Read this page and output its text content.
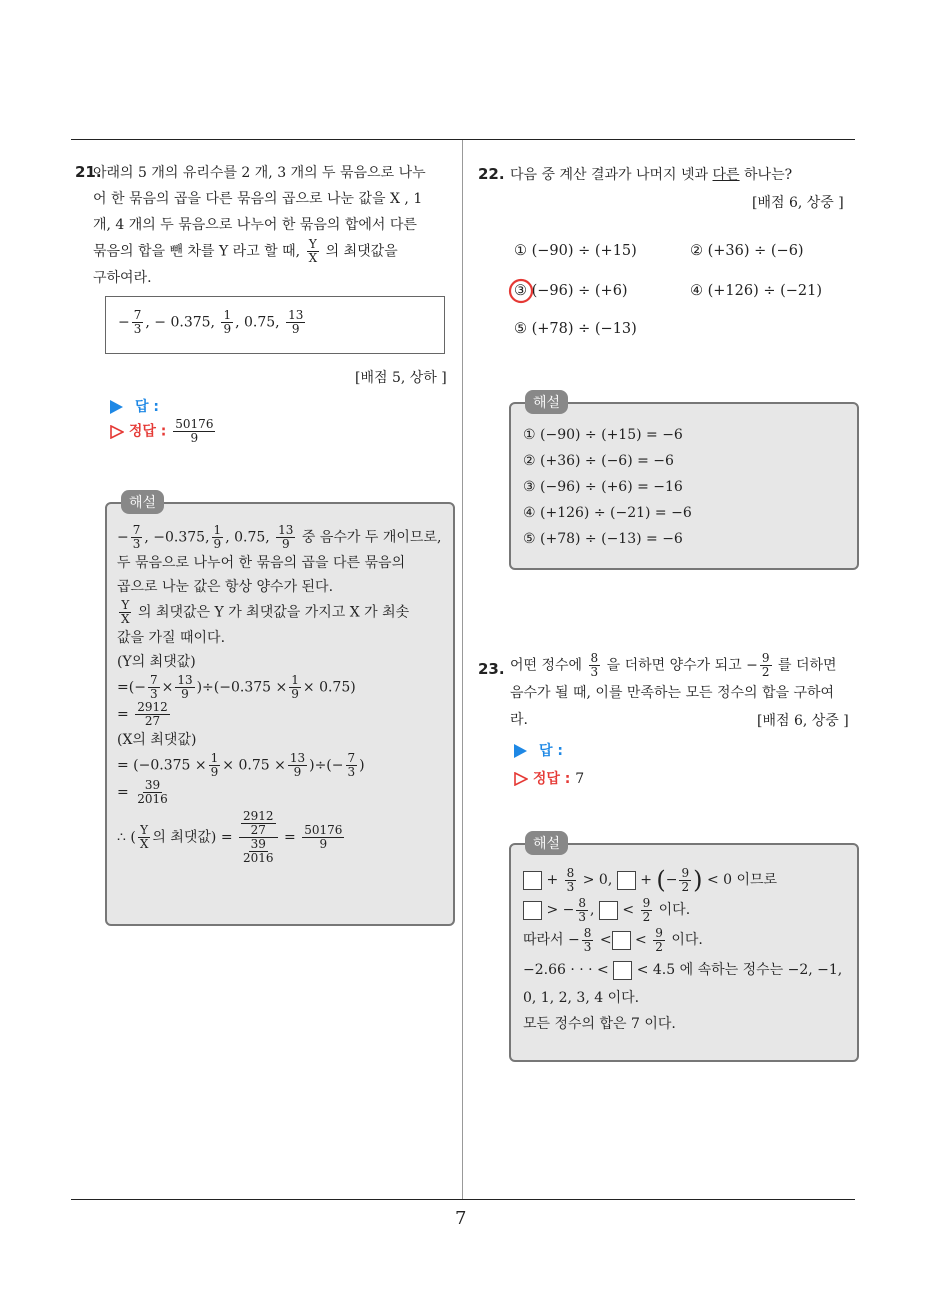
7
21.
아래의 5 개의 유리수를 2 개, 3 개의 두 묶음으로 나누
어 한 묶음의 곱을 다른 묶음의 곱으로 나눈 값을 X , 1
개, 4 개의 두 묶음으로 나누어 한 묶음의 합에서 다른
묶음의 합을 뺀 차를 Y 라고 할 때, $\frac{Y}{X}$ 의 최댓값을
구하여라.
− $\frac{7}{3}$ , − 0.375, $\frac{1}{9}$ , 0.75, $\frac{13}{9}$
[배점 5, 상하 ]
답 :
정답 : $\frac{50176}{9}$
해설
− $\frac{7}{3}$ , −0.375, $\frac{1}{9}$ , 0.75, $\frac{13}{9}$ 중 음수가 두 개이므로,
두 묶음으로 나누어 한 묶음의 곱을 다른 묶음의
곱으로 나눈 값은 항상 양수가 된다.
$\frac{Y}{X}$ 의 최댓값은 Y 가 최댓값을 가지고 X 가 최솟
값을 가질 때이다.
(Y의 최댓값)
=(− $\frac{7}{3} \times \frac{13}{9} )\div(-0.375 \times \frac{1}{9} \times 0.75)$
= $\frac{2912}{27}$
(X의 최댓값)
= ($-0.375 \times \frac{1}{9} \times 0.75 \times \frac{13}{9}$ )÷(− $\frac{7}{3}$ )
= $\frac{39}{2016}$
∴ ( $\frac{Y}{X}$ 의 최댓값) = $\frac{\frac{2912}{27}}{\frac{39}{2016}} = \frac{50176}{9}$
22. 다음 중 계산 결과가 나머지 넷과 다른 하나는?
[배점 6, 상중 ]
① (−90) ÷ (+15)	② (+36) ÷ (−6)
③ (−96) ÷ (+6)	④ (+126) ÷ (−21)
⑤ (+78) ÷ (−13)
해설
① (−90) ÷ (+15) = −6
② (+36) ÷ (−6) = −6
③ (−96) ÷ (+6) = −16
④ (+126) ÷ (−21) = −6
⑤ (+78) ÷ (−13) = −6
23. 어떤 정수에 $\frac{8}{3}$ 을 더하면 양수가 되고 − $\frac{9}{2}$ 를 더하면
음수가 될 때, 이를 만족하는 모든 정수의 합을 구하여
라.	[배점 6, 상중 ]
답 :
정답 : 7
해설
+ $\frac{8}{3} > 0$, + (− $\frac{9}{2}$ ) < 0 이므로
> − $\frac{8}{3}$ ,  < $\frac{9}{2}$ 이다.
따라서 − $\frac{8}{3}$ < < $\frac{9}{2}$ 이다.
−2.66 · · · < < 4.5 에 속하는 정수는 −2, −1,
0, 1, 2, 3, 4 이다.
모든 정수의 합은 7 이다.
